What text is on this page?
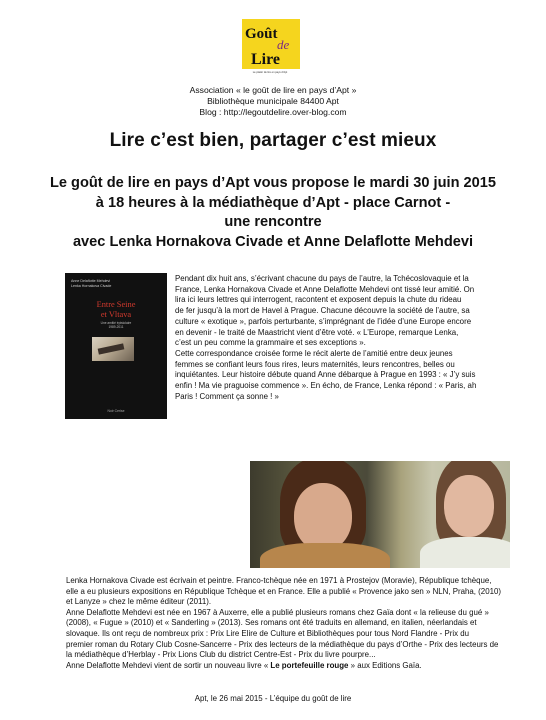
Goût
de
Lire
Le plaisir de lire en pays d'Apt
Association « le goût de lire en pays d’Apt »
Bibliothèque municipale 84400 Apt
Blog : http://legoutdelire.over-blog.com
Lire c’est bien, partager c’est mieux
Le goût de lire en pays d’Apt vous propose le mardi 30 juin 2015
à 18 heures à la médiathèque d’Apt - place Carnot -
une rencontre
avec Lenka Hornakova Civade et Anne Delaflotte Mehdevi
Anne Delaflotte Mehdevi
Lenka Hornakova Civade
Entre Seine
et Vltava
Une amitié épistolaire
1989-2011
Noir Cerise
Pendant dix huit ans, s’écrivant chacune du pays de l’autre, la Tchécoslovaquie et la
France, Lenka Hornakova Civade et Anne Delaflotte Mehdevi ont tissé leur amitié. On
lira ici leurs lettres qui interrogent, racontent et exposent depuis la chute du rideau
de fer jusqu’à la mort de Havel à Prague. Chacune découvre la société de l’autre, sa
culture « exotique », parfois perturbante, s’imprégnant de l’idée d’une Europe encore
en devenir - le traité de Maastricht vient d’être voté. « L’Europe, remarque Lenka,
c’est un peu comme la grammaire et ses exceptions ».
Cette correspondance croisée forme le récit alerte de l’amitié entre deux jeunes
femmes se confiant leurs fous rires, leurs maternités, leurs rencontres, belles ou
inquiétantes. Leur histoire débute quand Anne débarque à Prague en 1993 : « J’y suis
enfin ! Ma vie praguoise commence ». En écho, de France, Lenka répond : « Paris, ah
Paris ! Comment ça sonne ! »
Lenka Hornakova Civade est écrivain et peintre. Franco-tchèque née en 1971 à Prostejov (Moravie), République tchèque,
elle a eu plusieurs expositions en République Tchèque et en France. Elle a publié « Provence jako sen » NLN, Praha, (2010)
et Lanyze » chez le même éditeur (2011).
Anne Delaflotte Mehdevi est née en 1967 à Auxerre, elle a publié plusieurs romans chez Gaïa dont « la relieuse du gué »
(2008), « Fugue » (2010) et « Sanderling » (2013). Ses romans ont été traduits en allemand, en italien, néerlandais et
slovaque. Ils ont reçu de nombreux prix : Prix Lire Elire de Culture et Bibliothèques pour tous Nord Flandre - Prix du
premier roman du Rotary Club Cosne-Sancerre - Prix des lecteurs de la médiathèque du pays d’Orthe - Prix des lecteurs de
la médiathèque d’Herblay - Prix Lions Club du district Centre-Est - Prix du livre pourpre...
Anne Delaflotte Mehdevi vient de sortir un nouveau livre « Le portefeuille rouge » aux Editions Gaïa.
Apt, le 26 mai 2015 - L’équipe du goût de lire
